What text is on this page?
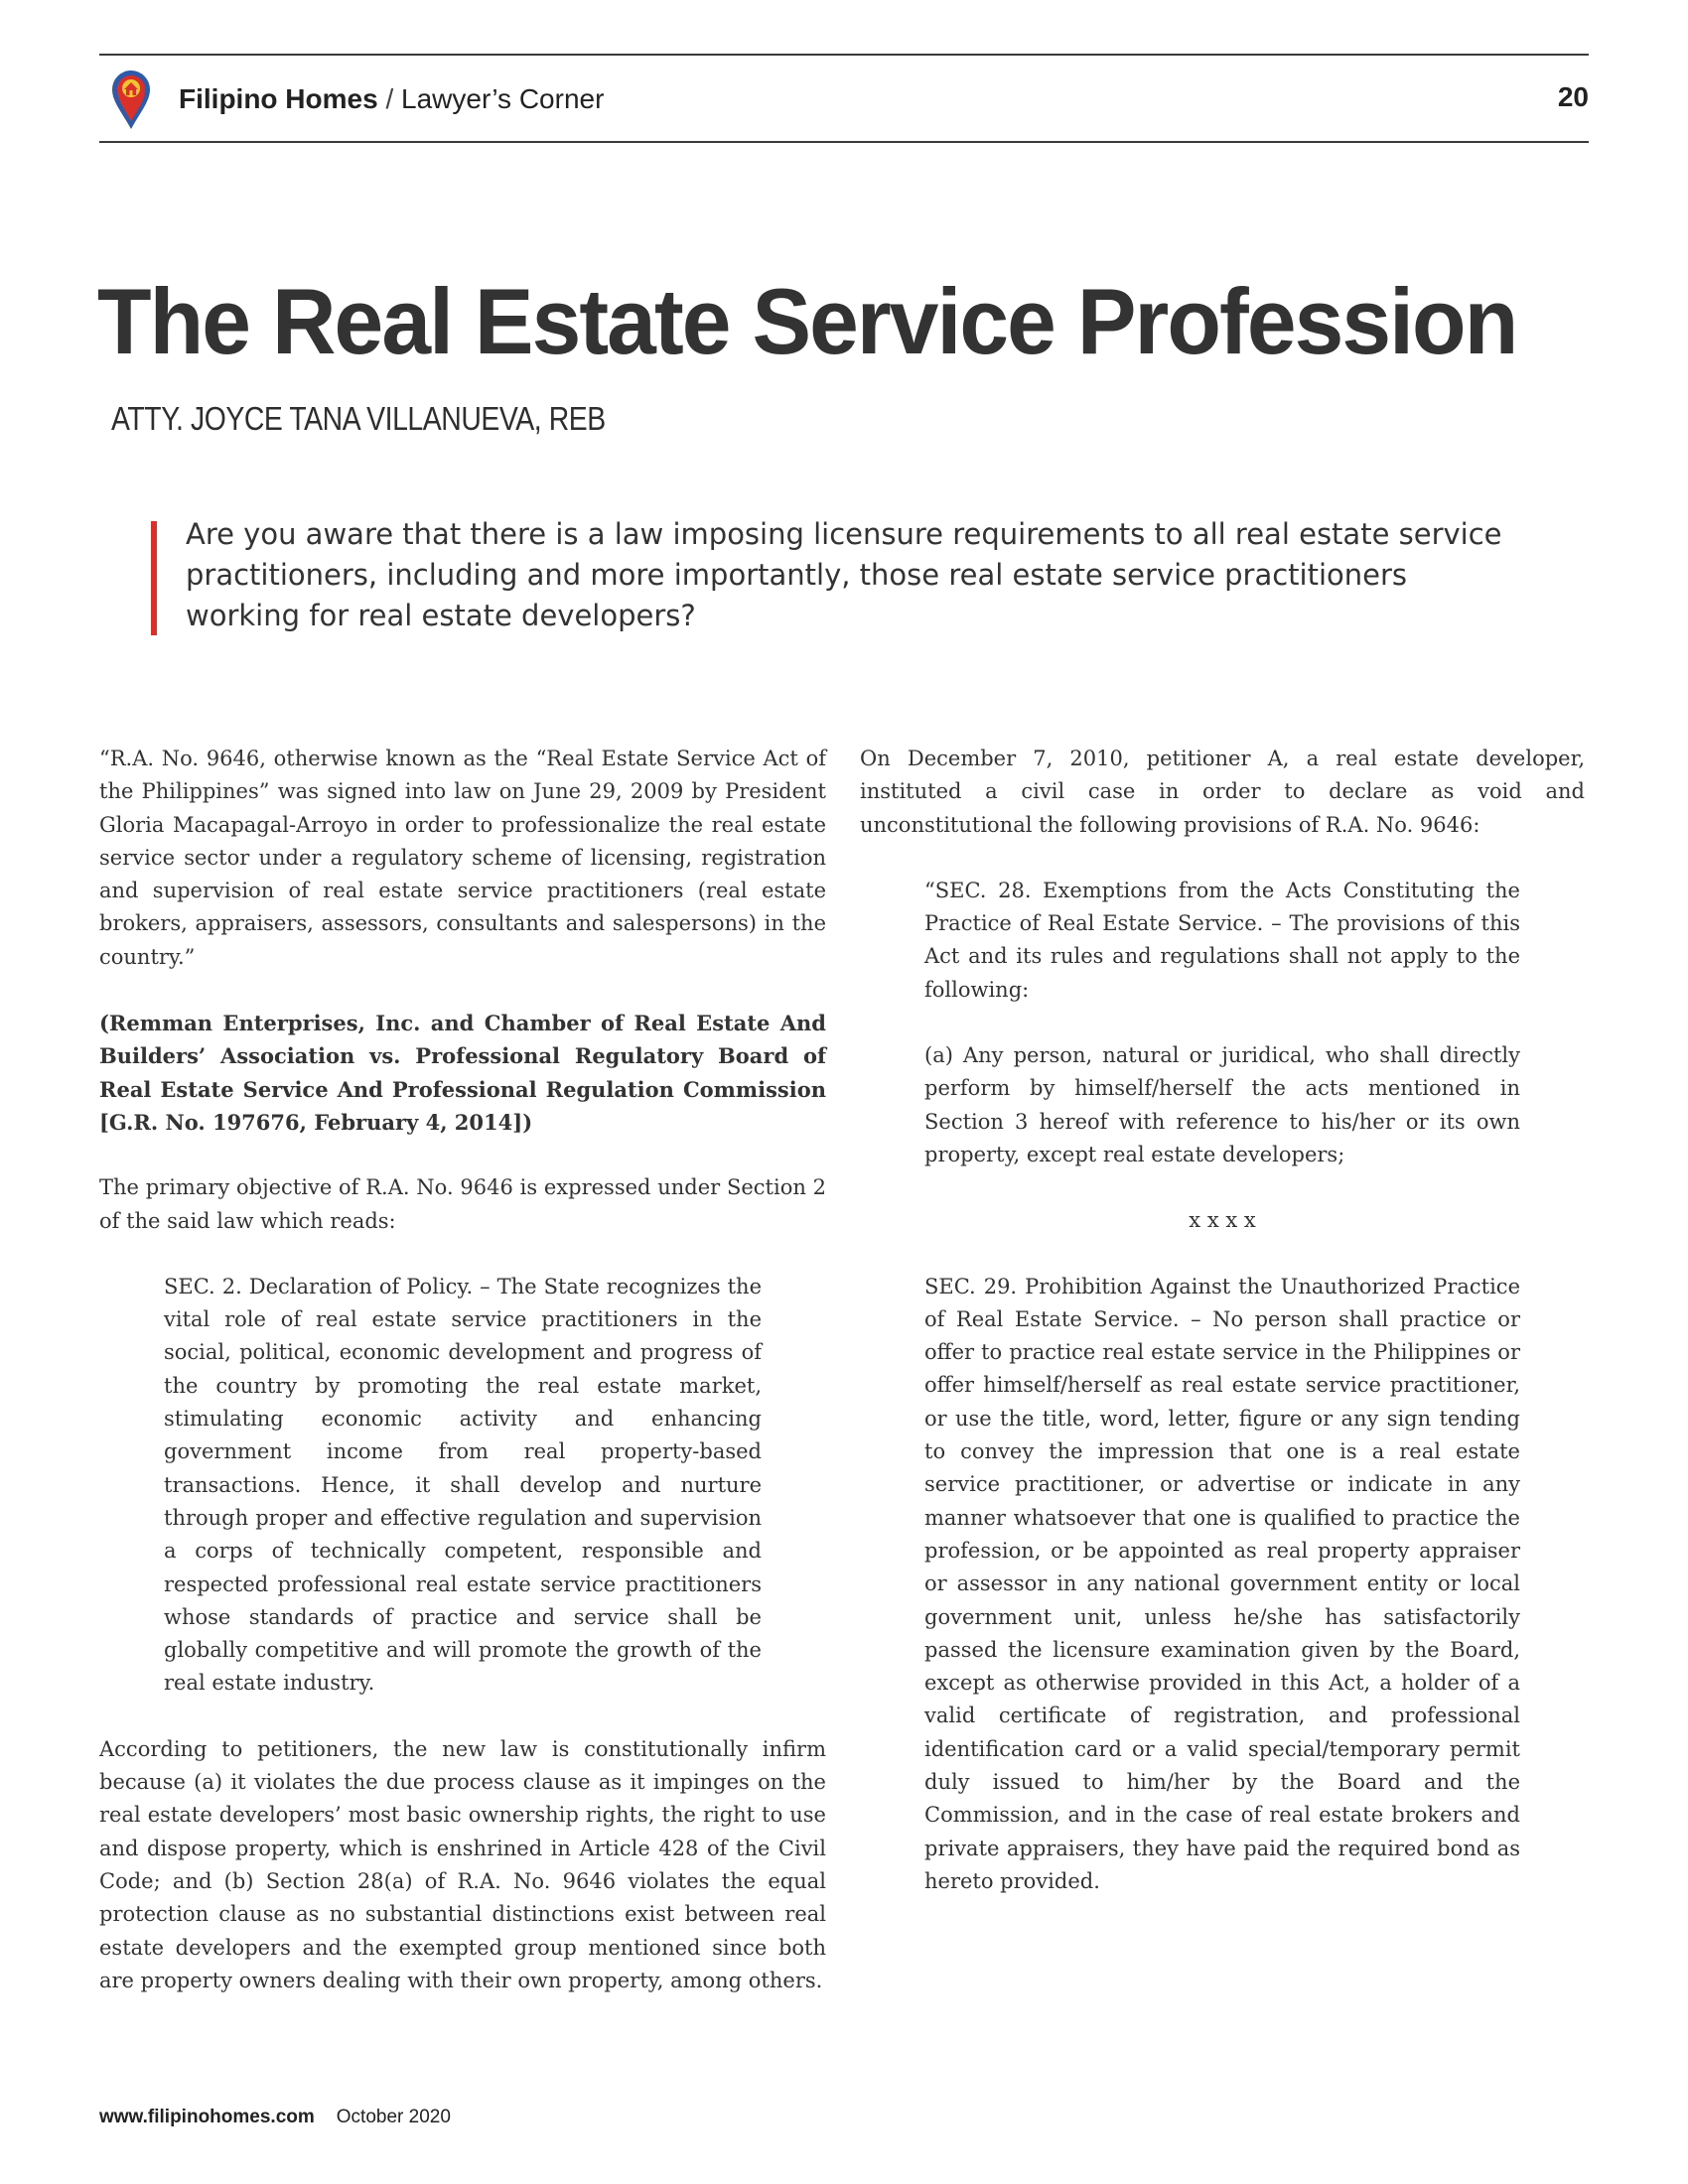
Filipino Homes / Lawyer’s Corner	20
The Real Estate Service Profession
ATTY. JOYCE TANA VILLANUEVA, REB

Are you aware that there is a law imposing licensure requirements to all real estate service practitioners, including and more importantly, those real estate service practitioners working for real estate developers?

“R.A. No. 9646, otherwise known as the “Real Estate Service Act of the Philippines” was signed into law on June 29, 2009 by President Gloria Macapagal-Arroyo in order to professionalize the real estate service sector under a regulatory scheme of licensing, registration and supervision of real estate service practitioners (real estate brokers, appraisers, assessors, consultants and salespersons) in the country.”

(Remman Enterprises, Inc. and Chamber of Real Estate And Builders’ Association vs. Professional Regulatory Board of Real Estate Service And Professional Regulation Commission [G.R. No. 197676, February 4, 2014])

The primary objective of R.A. No. 9646 is expressed under Section 2 of the said law which reads:

SEC. 2. Declaration of Policy. – The State recognizes the vital role of real estate service practitioners in the social, political, economic development and progress of the country by promoting the real estate market, stimulating economic activity and enhancing government income from real property-based transactions. Hence, it shall develop and nurture through proper and effective regulation and supervision a corps of technically competent, responsible and respected professional real estate service practitioners whose standards of practice and service shall be globally competitive and will promote the growth of the real estate industry.

According to petitioners, the new law is constitutionally infirm because (a) it violates the due process clause as it impinges on the real estate developers’ most basic ownership rights, the right to use and dispose property, which is enshrined in Article 428 of the Civil Code; and (b) Section 28(a) of R.A. No. 9646 violates the equal protection clause as no substantial distinctions exist between real estate developers and the exempted group mentioned since both are property owners dealing with their own property, among others.

On December 7, 2010, petitioner A, a real estate developer, instituted a civil case in order to declare as void and unconstitutional the following provisions of R.A. No. 9646:

“SEC. 28. Exemptions from the Acts Constituting the Practice of Real Estate Service. – The provisions of this Act and its rules and regulations shall not apply to the following:

(a) Any person, natural or juridical, who shall directly perform by himself/herself the acts mentioned in Section 3 hereof with reference to his/her or its own property, except real estate developers;

x x x x

SEC. 29. Prohibition Against the Unauthorized Practice of Real Estate Service. – No person shall practice or offer to practice real estate service in the Philippines or offer himself/herself as real estate service practitioner, or use the title, word, letter, figure or any sign tending to convey the impression that one is a real estate service practitioner, or advertise or indicate in any manner whatsoever that one is qualified to practice the profession, or be appointed as real property appraiser or assessor in any national government entity or local government unit, unless he/she has satisfactorily passed the licensure examination given by the Board, except as otherwise provided in this Act, a holder of a valid certificate of registration, and professional identification card or a valid special/temporary permit duly issued to him/her by the Board and the Commission, and in the case of real estate brokers and private appraisers, they have paid the required bond as hereto provided.

www.filipinohomes.com October 2020
